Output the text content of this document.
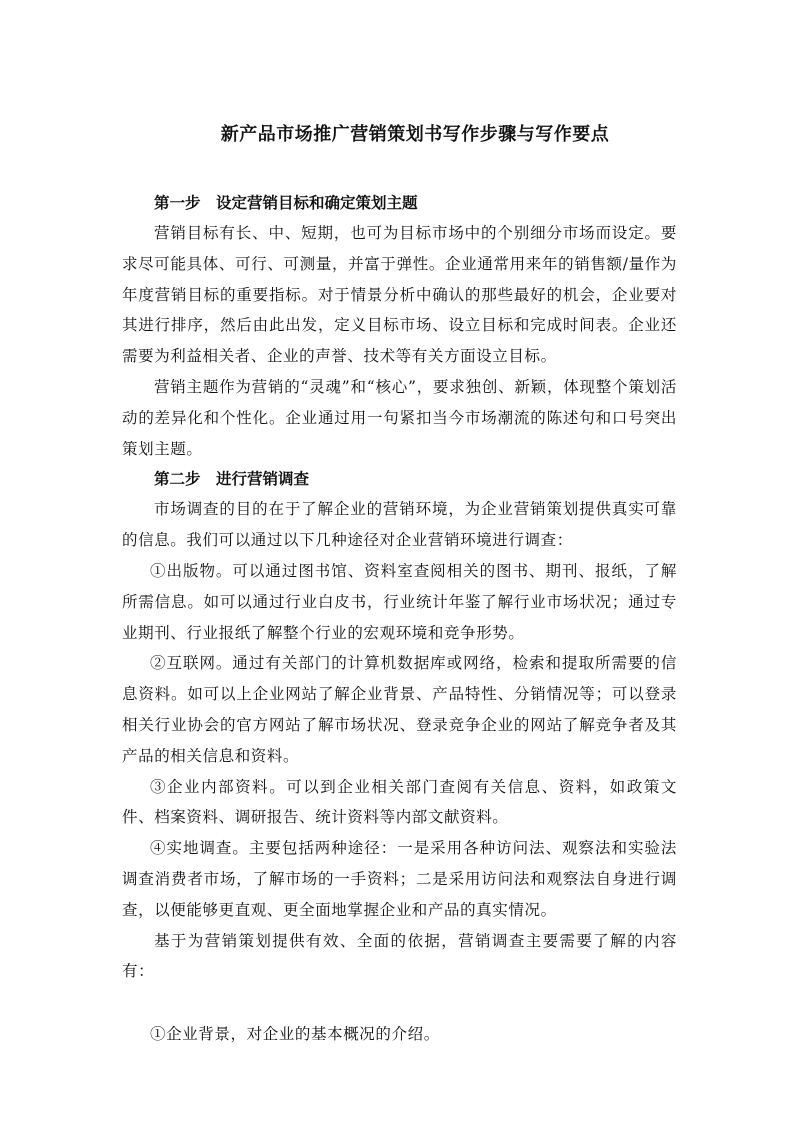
新产品市场推广营销策划书写作步骤与写作要点
第一步 设定营销目标和确定策划主题

营销目标有长、中、短期，也可为目标市场中的个别细分市场而设定。要求尽可能具体、可行、可测量，并富于弹性。企业通常用来年的销售额/量作为年度营销目标的重要指标。对于情景分析中确认的那些最好的机会，企业要对其进行排序，然后由此出发，定义目标市场、设立目标和完成时间表。企业还需要为利益相关者、企业的声誉、技术等有关方面设立目标。

营销主题作为营销的“灵魂”和“核心”，要求独创、新颖，体现整个策划活动的差异化和个性化。企业通过用一句紧扣当今市场潮流的陈述句和口号突出策划主题。

第二步 进行营销调查

市场调查的目的在于了解企业的营销环境，为企业营销策划提供真实可靠的信息。我们可以通过以下几种途径对企业营销环境进行调查：

①出版物。可以通过图书馆、资料室查阅相关的图书、期刊、报纸，了解所需信息。如可以通过行业白皮书，行业统计年鉴了解行业市场状况；通过专业期刊、行业报纸了解整个行业的宏观环境和竞争形势。

②互联网。通过有关部门的计算机数据库或网络，检索和提取所需要的信息资料。如可以上企业网站了解企业背景、产品特性、分销情况等；可以登录相关行业协会的官方网站了解市场状况、登录竞争企业的网站了解竞争者及其产品的相关信息和资料。

③企业内部资料。可以到企业相关部门查阅有关信息、资料，如政策文件、档案资料、调研报告、统计资料等内部文献资料。

④实地调查。主要包括两种途径：一是采用各种访问法、观察法和实验法调查消费者市场，了解市场的一手资料；二是采用访问法和观察法自身进行调查，以便能够更直观、更全面地掌握企业和产品的真实情况。

基于为营销策划提供有效、全面的依据，营销调查主要需要了解的内容有：

①企业背景，对企业的基本概况的介绍。
